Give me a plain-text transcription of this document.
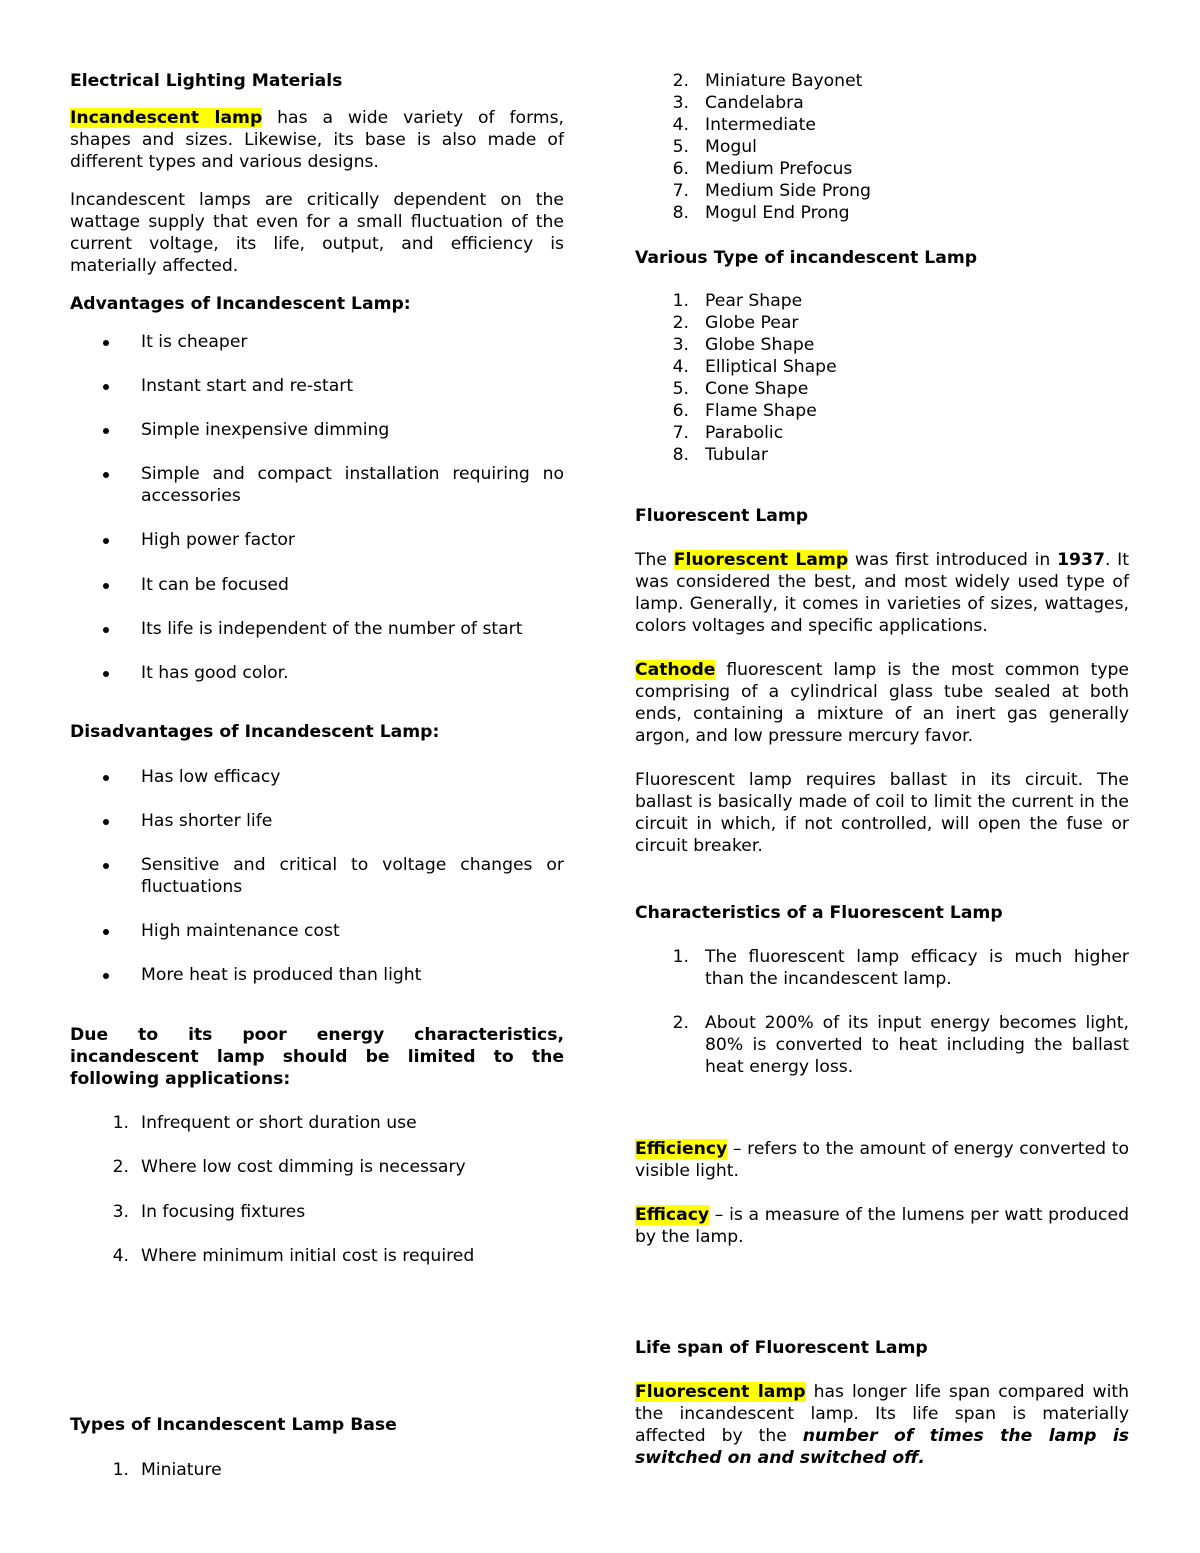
Electrical Lighting Materials

Incandescent lamp has a wide variety of forms, shapes and sizes. Likewise, its base is also made of different types and various designs.

Incandescent lamps are critically dependent on the wattage supply that even for a small fluctuation of the current voltage, its life, output, and efficiency is materially affected.

Advantages of Incandescent Lamp:

It is cheaper
Instant start and re-start
Simple inexpensive dimming
Simple and compact installation requiring no accessories
High power factor
It can be focused
Its life is independent of the number of start
It has good color.

Disadvantages of Incandescent Lamp:

Has low efficacy
Has shorter life
Sensitive and critical to voltage changes or fluctuations
High maintenance cost
More heat is produced than light

Due to its poor energy characteristics, incandescent lamp should be limited to the following applications:

1. Infrequent or short duration use
2. Where low cost dimming is necessary
3. In focusing fixtures
4. Where minimum initial cost is required

Types of Incandescent Lamp Base

1. Miniature
2. Miniature Bayonet
3. Candelabra
4. Intermediate
5. Mogul
6. Medium Prefocus
7. Medium Side Prong
8. Mogul End Prong

Various Type of incandescent Lamp

1. Pear Shape
2. Globe Pear
3. Globe Shape
4. Elliptical Shape
5. Cone Shape
6. Flame Shape
7. Parabolic
8. Tubular

Fluorescent Lamp

The Fluorescent Lamp was first introduced in 1937. It was considered the best, and most widely used type of lamp. Generally, it comes in varieties of sizes, wattages, colors voltages and specific applications.

Cathode fluorescent lamp is the most common type comprising of a cylindrical glass tube sealed at both ends, containing a mixture of an inert gas generally argon, and low pressure mercury favor.

Fluorescent lamp requires ballast in its circuit. The ballast is basically made of coil to limit the current in the circuit in which, if not controlled, will open the fuse or circuit breaker.

Characteristics of a Fluorescent Lamp

1. The fluorescent lamp efficacy is much higher than the incandescent lamp.
2. About 200% of its input energy becomes light, 80% is converted to heat including the ballast heat energy loss.

Efficiency – refers to the amount of energy converted to visible light.

Efficacy – is a measure of the lumens per watt produced by the lamp.

Life span of Fluorescent Lamp

Fluorescent lamp has longer life span compared with the incandescent lamp. Its life span is materially affected by the number of times the lamp is switched on and switched off.
